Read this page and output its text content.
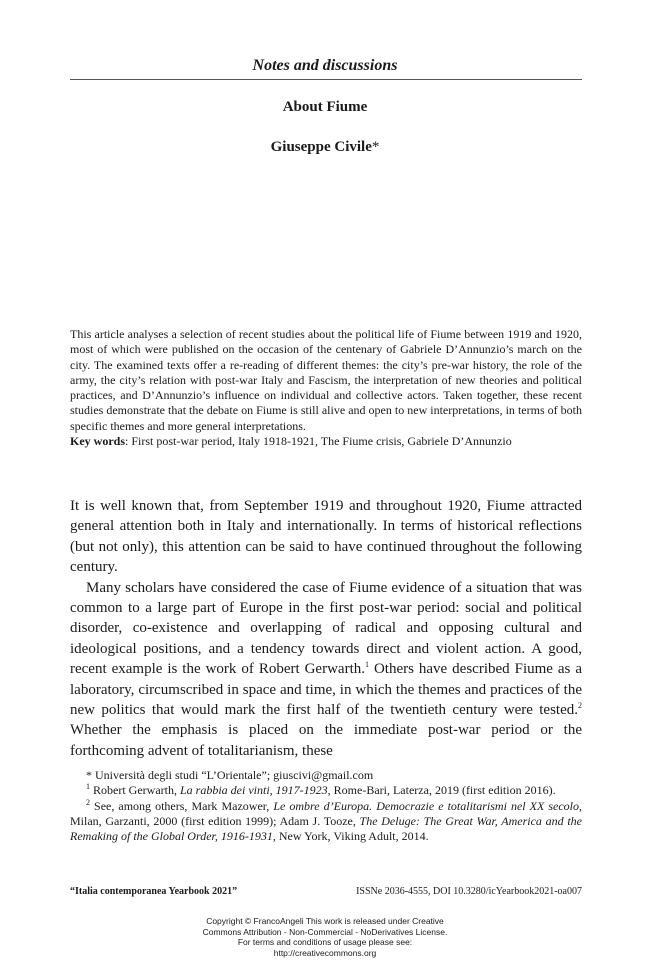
Notes and discussions
About Fiume
Giuseppe Civile*

This article analyses a selection of recent studies about the political life of Fiume between 1919 and 1920, most of which were published on the occasion of the centenary of Gabriele D’Annunzio’s march on the city. The examined texts offer a re-reading of different themes: the city’s pre-war history, the role of the army, the city’s relation with post-war Italy and Fascism, the interpretation of new theories and political practices, and D’Annunzio’s influence on individual and collective actors. Taken together, these recent studies demonstrate that the debate on Fiume is still alive and open to new interpretations, in terms of both specific themes and more general interpretations.

Key words: First post-war period, Italy 1918-1921, The Fiume crisis, Gabriele D’Annunzio

It is well known that, from September 1919 and throughout 1920, Fiume attracted general attention both in Italy and internationally. In terms of historical reflections (but not only), this attention can be said to have continued throughout the following century.

Many scholars have considered the case of Fiume evidence of a situation that was common to a large part of Europe in the first post-war period: social and political disorder, co-existence and overlapping of radical and opposing cultural and ideological positions, and a tendency towards direct and violent action. A good, recent example is the work of Robert Gerwarth.$^1$ Others have described Fiume as a laboratory, circumscribed in space and time, in which the themes and practices of the new politics that would mark the first half of the twentieth century were tested.$^2$ Whether the emphasis is placed on the immediate post-war period or the forthcoming advent of totalitarianism, these

* Università degli studi “L’Orientale”; giuscivi@gmail.com

$^1$ Robert Gerwarth, La rabbia dei vinti, 1917-1923, Rome-Bari, Laterza, 2019 (first edition 2016).

$^2$ See, among others, Mark Mazower, Le ombre d’Europa. Democrazie e totalitarismi nel XX secolo, Milan, Garzanti, 2000 (first edition 1999); Adam J. Tooze, The Deluge: The Great War, America and the Remaking of the Global Order, 1916-1931, New York, Viking Adult, 2014.

“Italia contemporanea Yearbook 2021”	ISSNe 2036-4555, DOI 10.3280/icYearbook2021-oa007
Copyright © FrancoAngeli This work is released under Creative
Commons Attribution - Non-Commercial - NoDerivatives License.
For terms and conditions of usage please see:
http://creativecommons.org
